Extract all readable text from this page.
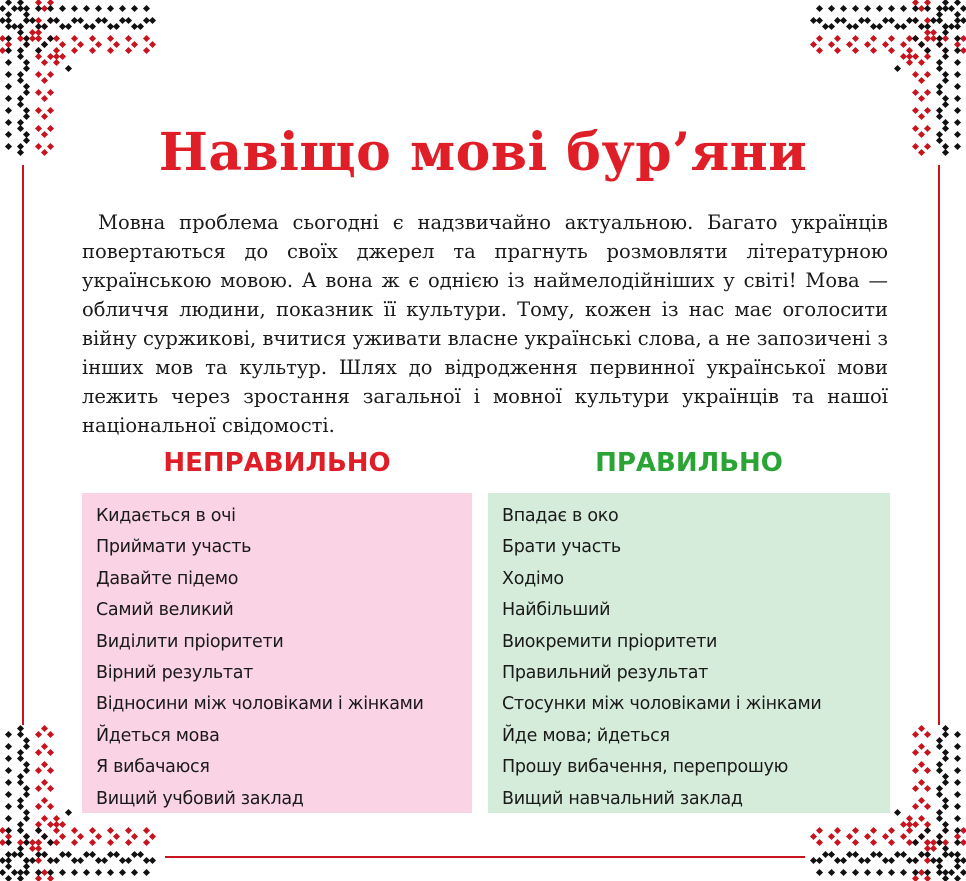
Навіщо мові бур’яни

Мовна проблема сьогодні є надзвичайно актуальною. Багато українців повертаються до своїх джерел та прагнуть розмовляти літературною українською мовою. А вона ж є однією із наймелодійніших у світі! Мова — обличчя людини, показник її культури. Тому, кожен із нас має оголосити війну суржикові, вчитися уживати власне українські слова, а не запозичені з інших мов та культур. Шлях до відродження первинної української мови лежить через зростання загальної і мовної культури українців та нашої національної свідомості.

НЕПРАВИЛЬНО	ПРАВИЛЬНО
Кидається в очі
Приймати участь
Давайте підемо
Самий великий
Виділити пріоритети
Вірний результат
Відносини між чоловіками і жінками
Йдеться мова
Я вибачаюся
Вищий учбовий заклад
Впадає в око
Брати участь
Ходімо
Найбільший
Виокремити пріоритети
Правильний результат
Стосунки між чоловіками і жінками
Йде мова; йдеться
Прошу вибачення, перепрошую
Вищий навчальний заклад
